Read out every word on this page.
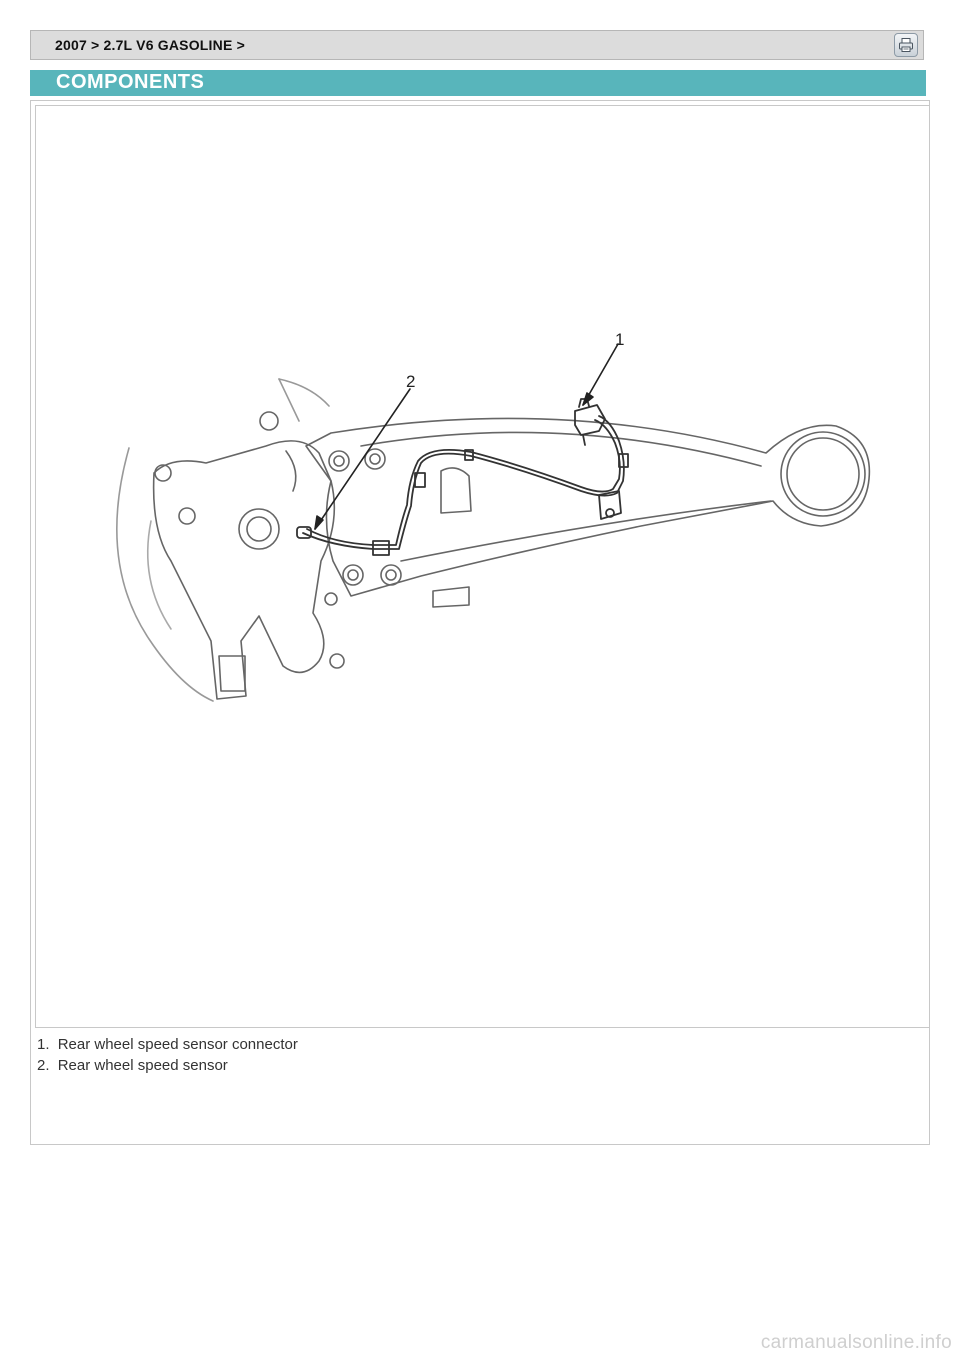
2007 > 2.7L V6 GASOLINE >
COMPONENTS
1
2
1. Rear wheel speed sensor connector
2. Rear wheel speed sensor
carmanualsonline.info
